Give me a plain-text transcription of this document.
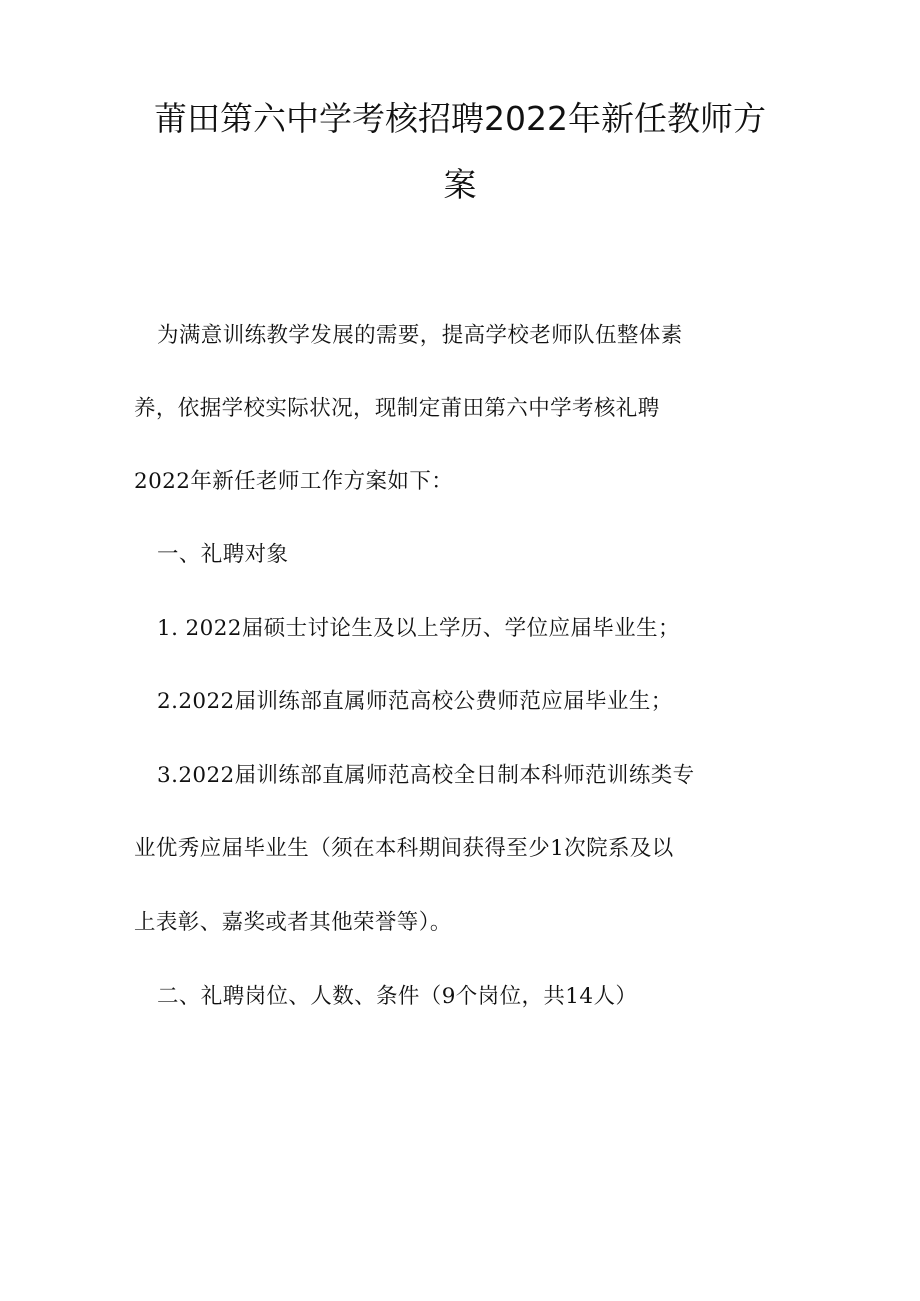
莆田第六中学考核招聘2022年新任教师方
案
为满意训练教学发展的需要，提高学校老师队伍整体素
养，依据学校实际状况，现制定莆田第六中学考核礼聘
2022年新任老师工作方案如下：
一、礼聘对象
1. 2022届硕士讨论生及以上学历、学位应届毕业生；
2.2022届训练部直属师范高校公费师范应届毕业生；
3.2022届训练部直属师范高校全日制本科师范训练类专
业优秀应届毕业生（须在本科期间获得至少1次院系及以
上表彰、嘉奖或者其他荣誉等）。
二、礼聘岗位、人数、条件（9个岗位，共14人）
